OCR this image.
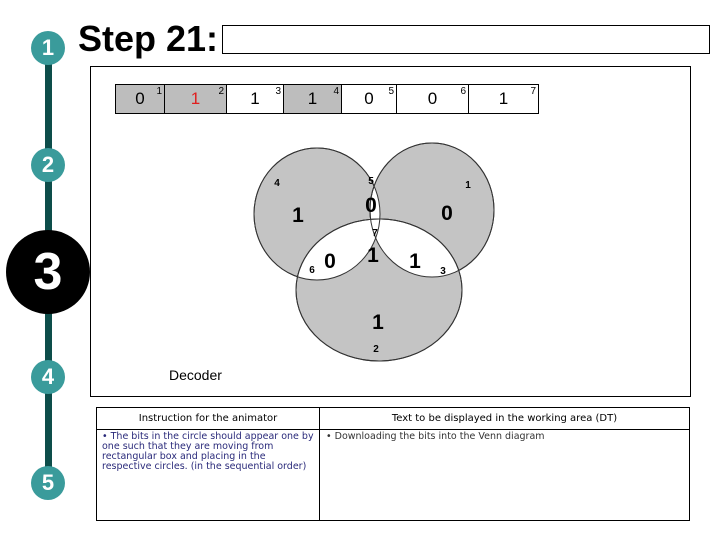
1
2
3
4
5
Step 21:
0 1 1 2 1 3 1 4 0 5 0 6 1 7
4
1
5
0
1
0
7
1
6 0	3
1
2
1
Decoder
Instruction for the animator	Text to be displayed in the working area (DT)
• The bits in the circle should appear one by one such that they are moving from rectangular box and placing in the respective circles. (in the sequential order)
• Downloading the bits into the Venn diagram
